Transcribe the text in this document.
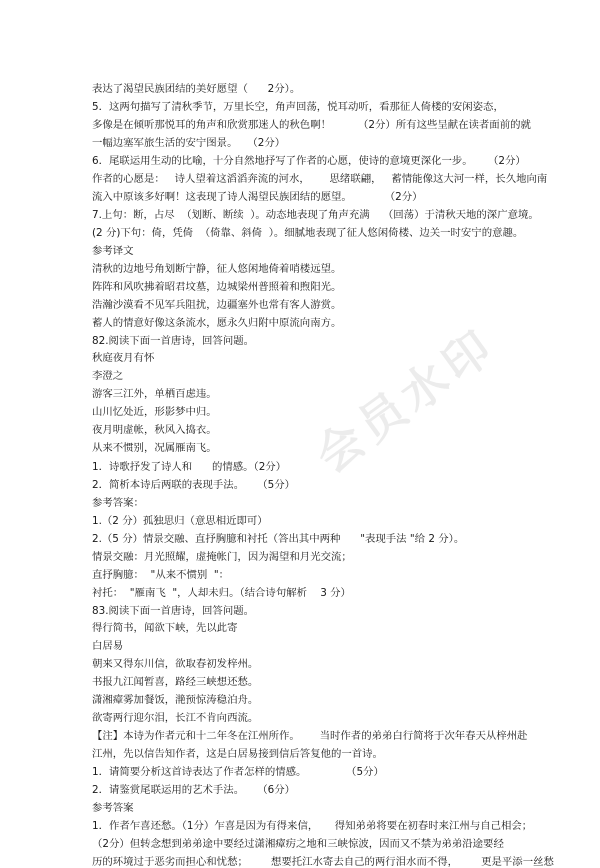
表达了渴望民族团结的美好愿望（      2分）。
5．这两句描写了清秋季节，万里长空，角声回荡，悦耳动听，看那征人倚楼的安闲姿态，
多像是在倾听那悦耳的角声和欣赏那迷人的秋色啊！
一幅边塞军旅生活的安宁图景。   （2分）
6．尾联运用生动的比喻，十分自然地抒写了作者的心愿，使诗的意境更深化一步。
作者的心愿是：   诗人望着这滔滔奔流的河水，      思绪联翩，   蓄情能像这大河一样，长久地向南
流入中原该多好啊！这表现了诗人渴望民族团结的愿望。          （2分）
7.上句：断，占尽  （划断、断续  ）。动态地表现了角声充满    （回荡）于清秋天地的深广意境。
(2 分)下句：倚，凭倚  （倚靠、斜倚  ）。细腻地表现了征人悠闲倚楼、边关一时安宁的意趣。
参考译文
清秋的边地号角划断宁静，征人悠闲地倚着哨楼远望。
阵阵和风吹拂着昭君坟墓，边城梁州普照着和煦阳光。
浩瀚沙漠看不见军兵阻扰，边疆塞外也常有客人游赏。
蓄人的情意好像这条流水，愿永久归附中原流向南方。
82.阅读下面一首唐诗，回答问题。
秋庭夜月有怀
李澄之
游客三江外，单栖百虑违。
山川忆处近，形影梦中归。
夜月明虚帐，秋风入捣衣。
从来不惯别，况属雁南飞。
1．诗歌抒发了诗人和      的情感。（2分）
2．简析本诗后两联的表现手法。    （5分）
参考答案：
1.（2 分）孤独思归（意思相近即可）
2.（5 分）情景交融、直抒胸臆和衬托（答出其中两种      "表现手法 "给 2 分）。
情景交融：月光照耀，虚掩帐门，因为渴望和月光交流；
直抒胸臆：  "从来不惯别  "：
衬托：  "雁南飞  "，人却未归。（结合诗句解析    3 分）
83.阅读下面一首唐诗，回答问题。
得行简书，闻欲下峡，先以此寄
白居易
朝来又得东川信，欲取春初发梓州。
书报九江闻暂喜，路经三峡想还愁。
潇湘瘴雾加餐饭，滟预惊涛稳泊舟。
欲寄两行迎尔泪，长江不肯向西流。
【注】本诗为作者元和十二年冬在江州所作。      当时作者的弟弟白行简将于次年春天从梓州赴
江州，先以信告知作者，这是白居易接到信后答复他的一首诗。
1．请简要分析这首诗表达了作者怎样的情感。            （5分）
2．请鉴赏尾联运用的艺术手法。    （6分）
参考答案
1．作者乍喜还愁。（1分）乍喜是因为有得来信，     得知弟弟将要在初春时来江州与自己相会；
（2分）但转念想到弟弟途中要经过潇湘瘴疠之地和三峡惊波，因而又不禁为弟弟沿途要经
历的环境过于恶劣而担心和忧愁；       想要托江水寄去自己的两行泪水而不得，       更是平添一丝愁
（2分）所有这些呈献在读者面前的就
（2分）
会员水印
